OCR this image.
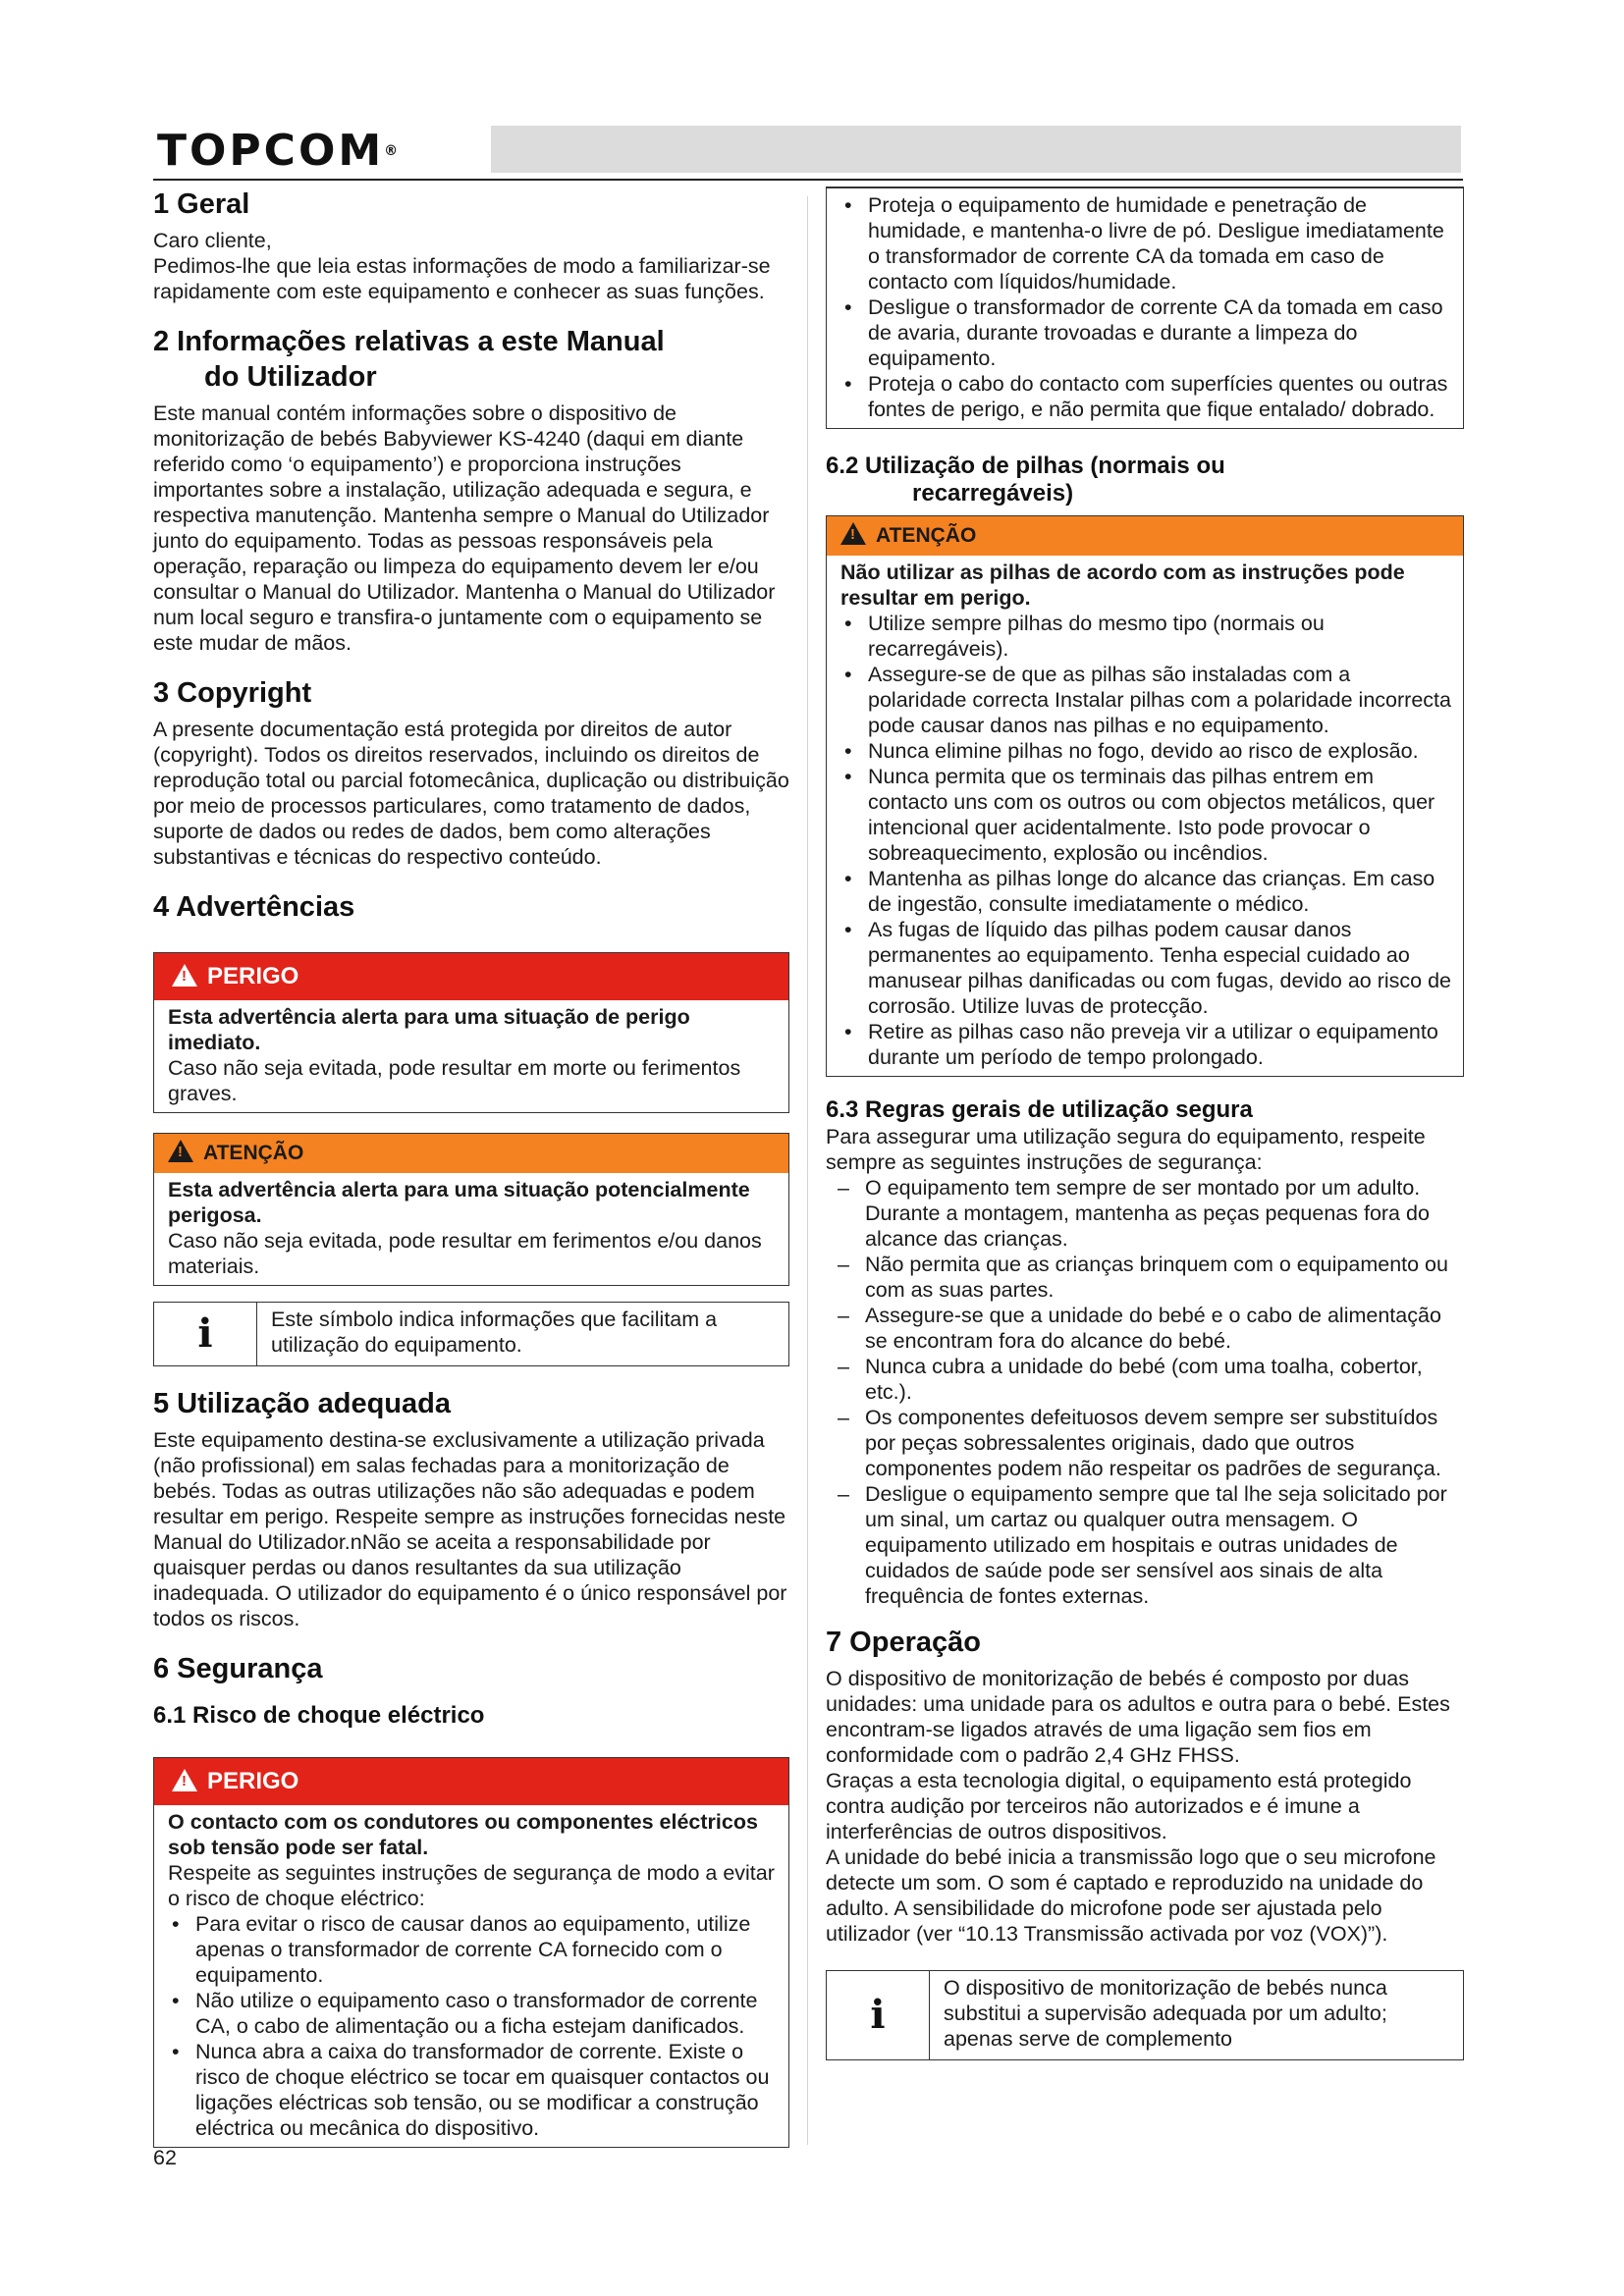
TOPCOM®
1 Geral

Caro cliente,

Pedimos-lhe que leia estas informações de modo a familiarizar-se rapidamente com este equipamento e conhecer as suas funções.

2 Informações relativas a este Manual
do Utilizador

Este manual contém informações sobre o dispositivo de monitorização de bebés Babyviewer KS-4240 (daqui em diante referido como ‘o equipamento’) e proporciona instruções importantes sobre a instalação, utilização adequada e segura, e respectiva manutenção. Mantenha sempre o Manual do Utilizador junto do equipamento. Todas as pessoas responsáveis pela operação, reparação ou limpeza do equipamento devem ler e/ou consultar o Manual do Utilizador. Mantenha o Manual do Utilizador num local seguro e transfira-o juntamente com o equipamento se este mudar de mãos.

3 Copyright

A presente documentação está protegida por direitos de autor (copyright). Todos os direitos reservados, incluindo os direitos de reprodução total ou parcial fotomecânica, duplicação ou distribuição por meio de processos particulares, como tratamento de dados, suporte de dados ou redes de dados, bem como alterações substantivas e técnicas do respectivo conteúdo.

4 Advertências
! PERIGO

Esta advertência alerta para uma situação de perigo imediato.

Caso não seja evitada, pode resultar em morte ou ferimentos graves.

! ATENÇÃO

Esta advertência alerta para uma situação potencialmente perigosa.

Caso não seja evitada, pode resultar em ferimentos e/ou danos materiais.

i	Este símbolo indica informações que facilitam a utilização do equipamento.
5 Utilização adequada

Este equipamento destina-se exclusivamente a utilização privada (não profissional) em salas fechadas para a monitorização de bebés. Todas as outras utilizações não são adequadas e podem resultar em perigo. Respeite sempre as instruções fornecidas neste Manual do Utilizador.nNão se aceita a responsabilidade por quaisquer perdas ou danos resultantes da sua utilização inadequada. O utilizador do equipamento é o único responsável por todos os riscos.

6 Segurança
6.1 Risco de choque eléctrico
! PERIGO

O contacto com os condutores ou componentes eléctricos sob tensão pode ser fatal.

Respeite as seguintes instruções de segurança de modo a evitar o risco de choque eléctrico:

• Para evitar o risco de causar danos ao equipamento, utilize apenas o transformador de corrente CA fornecido com o equipamento.
• Não utilize o equipamento caso o transformador de corrente CA, o cabo de alimentação ou a ficha estejam danificados.
• Nunca abra a caixa do transformador de corrente. Existe o risco de choque eléctrico se tocar em quaisquer contactos ou ligações eléctricas sob tensão, ou se modificar a construção eléctrica ou mecânica do dispositivo.
• Proteja o equipamento de humidade e penetração de humidade, e mantenha-o livre de pó. Desligue imediatamente o transformador de corrente CA da tomada em caso de contacto com líquidos/humidade.
• Desligue o transformador de corrente CA da tomada em caso de avaria, durante trovoadas e durante a limpeza do equipamento.
• Proteja o cabo do contacto com superfícies quentes ou outras fontes de perigo, e não permita que fique entalado/ dobrado.
6.2 Utilização de pilhas (normais ou
recarregáveis)
! ATENÇÃO

Não utilizar as pilhas de acordo com as instruções pode resultar em perigo.

• Utilize sempre pilhas do mesmo tipo (normais ou recarregáveis).
• Assegure-se de que as pilhas são instaladas com a polaridade correcta Instalar pilhas com a polaridade incorrecta pode causar danos nas pilhas e no equipamento.
• Nunca elimine pilhas no fogo, devido ao risco de explosão.
• Nunca permita que os terminais das pilhas entrem em contacto uns com os outros ou com objectos metálicos, quer intencional quer acidentalmente. Isto pode provocar o sobreaquecimento, explosão ou incêndios.
• Mantenha as pilhas longe do alcance das crianças. Em caso de ingestão, consulte imediatamente o médico.
• As fugas de líquido das pilhas podem causar danos permanentes ao equipamento. Tenha especial cuidado ao manusear pilhas danificadas ou com fugas, devido ao risco de corrosão. Utilize luvas de protecção.
• Retire as pilhas caso não preveja vir a utilizar o equipamento durante um período de tempo prolongado.
6.3 Regras gerais de utilização segura

Para assegurar uma utilização segura do equipamento, respeite sempre as seguintes instruções de segurança:

– O equipamento tem sempre de ser montado por um adulto. Durante a montagem, mantenha as peças pequenas fora do alcance das crianças.
– Não permita que as crianças brinquem com o equipamento ou com as suas partes.
– Assegure-se que a unidade do bebé e o cabo de alimentação se encontram fora do alcance do bebé.
– Nunca cubra a unidade do bebé (com uma toalha, cobertor, etc.).
– Os componentes defeituosos devem sempre ser substituídos por peças sobressalentes originais, dado que outros componentes podem não respeitar os padrões de segurança.
– Desligue o equipamento sempre que tal lhe seja solicitado por um sinal, um cartaz ou qualquer outra mensagem. O equipamento utilizado em hospitais e outras unidades de cuidados de saúde pode ser sensível aos sinais de alta frequência de fontes externas.
7 Operação

O dispositivo de monitorização de bebés é composto por duas unidades: uma unidade para os adultos e outra para o bebé. Estes encontram-se ligados através de uma ligação sem fios em conformidade com o padrão 2,4 GHz FHSS.

Graças a esta tecnologia digital, o equipamento está protegido contra audição por terceiros não autorizados e é imune a interferências de outros dispositivos.

A unidade do bebé inicia a transmissão logo que o seu microfone detecte um som. O som é captado e reproduzido na unidade do adulto. A sensibilidade do microfone pode ser ajustada pelo utilizador (ver “10.13 Transmissão activada por voz (VOX)”).

i
O dispositivo de monitorização de bebés nunca substitui a supervisão adequada por um adulto; apenas serve de complemento
62
